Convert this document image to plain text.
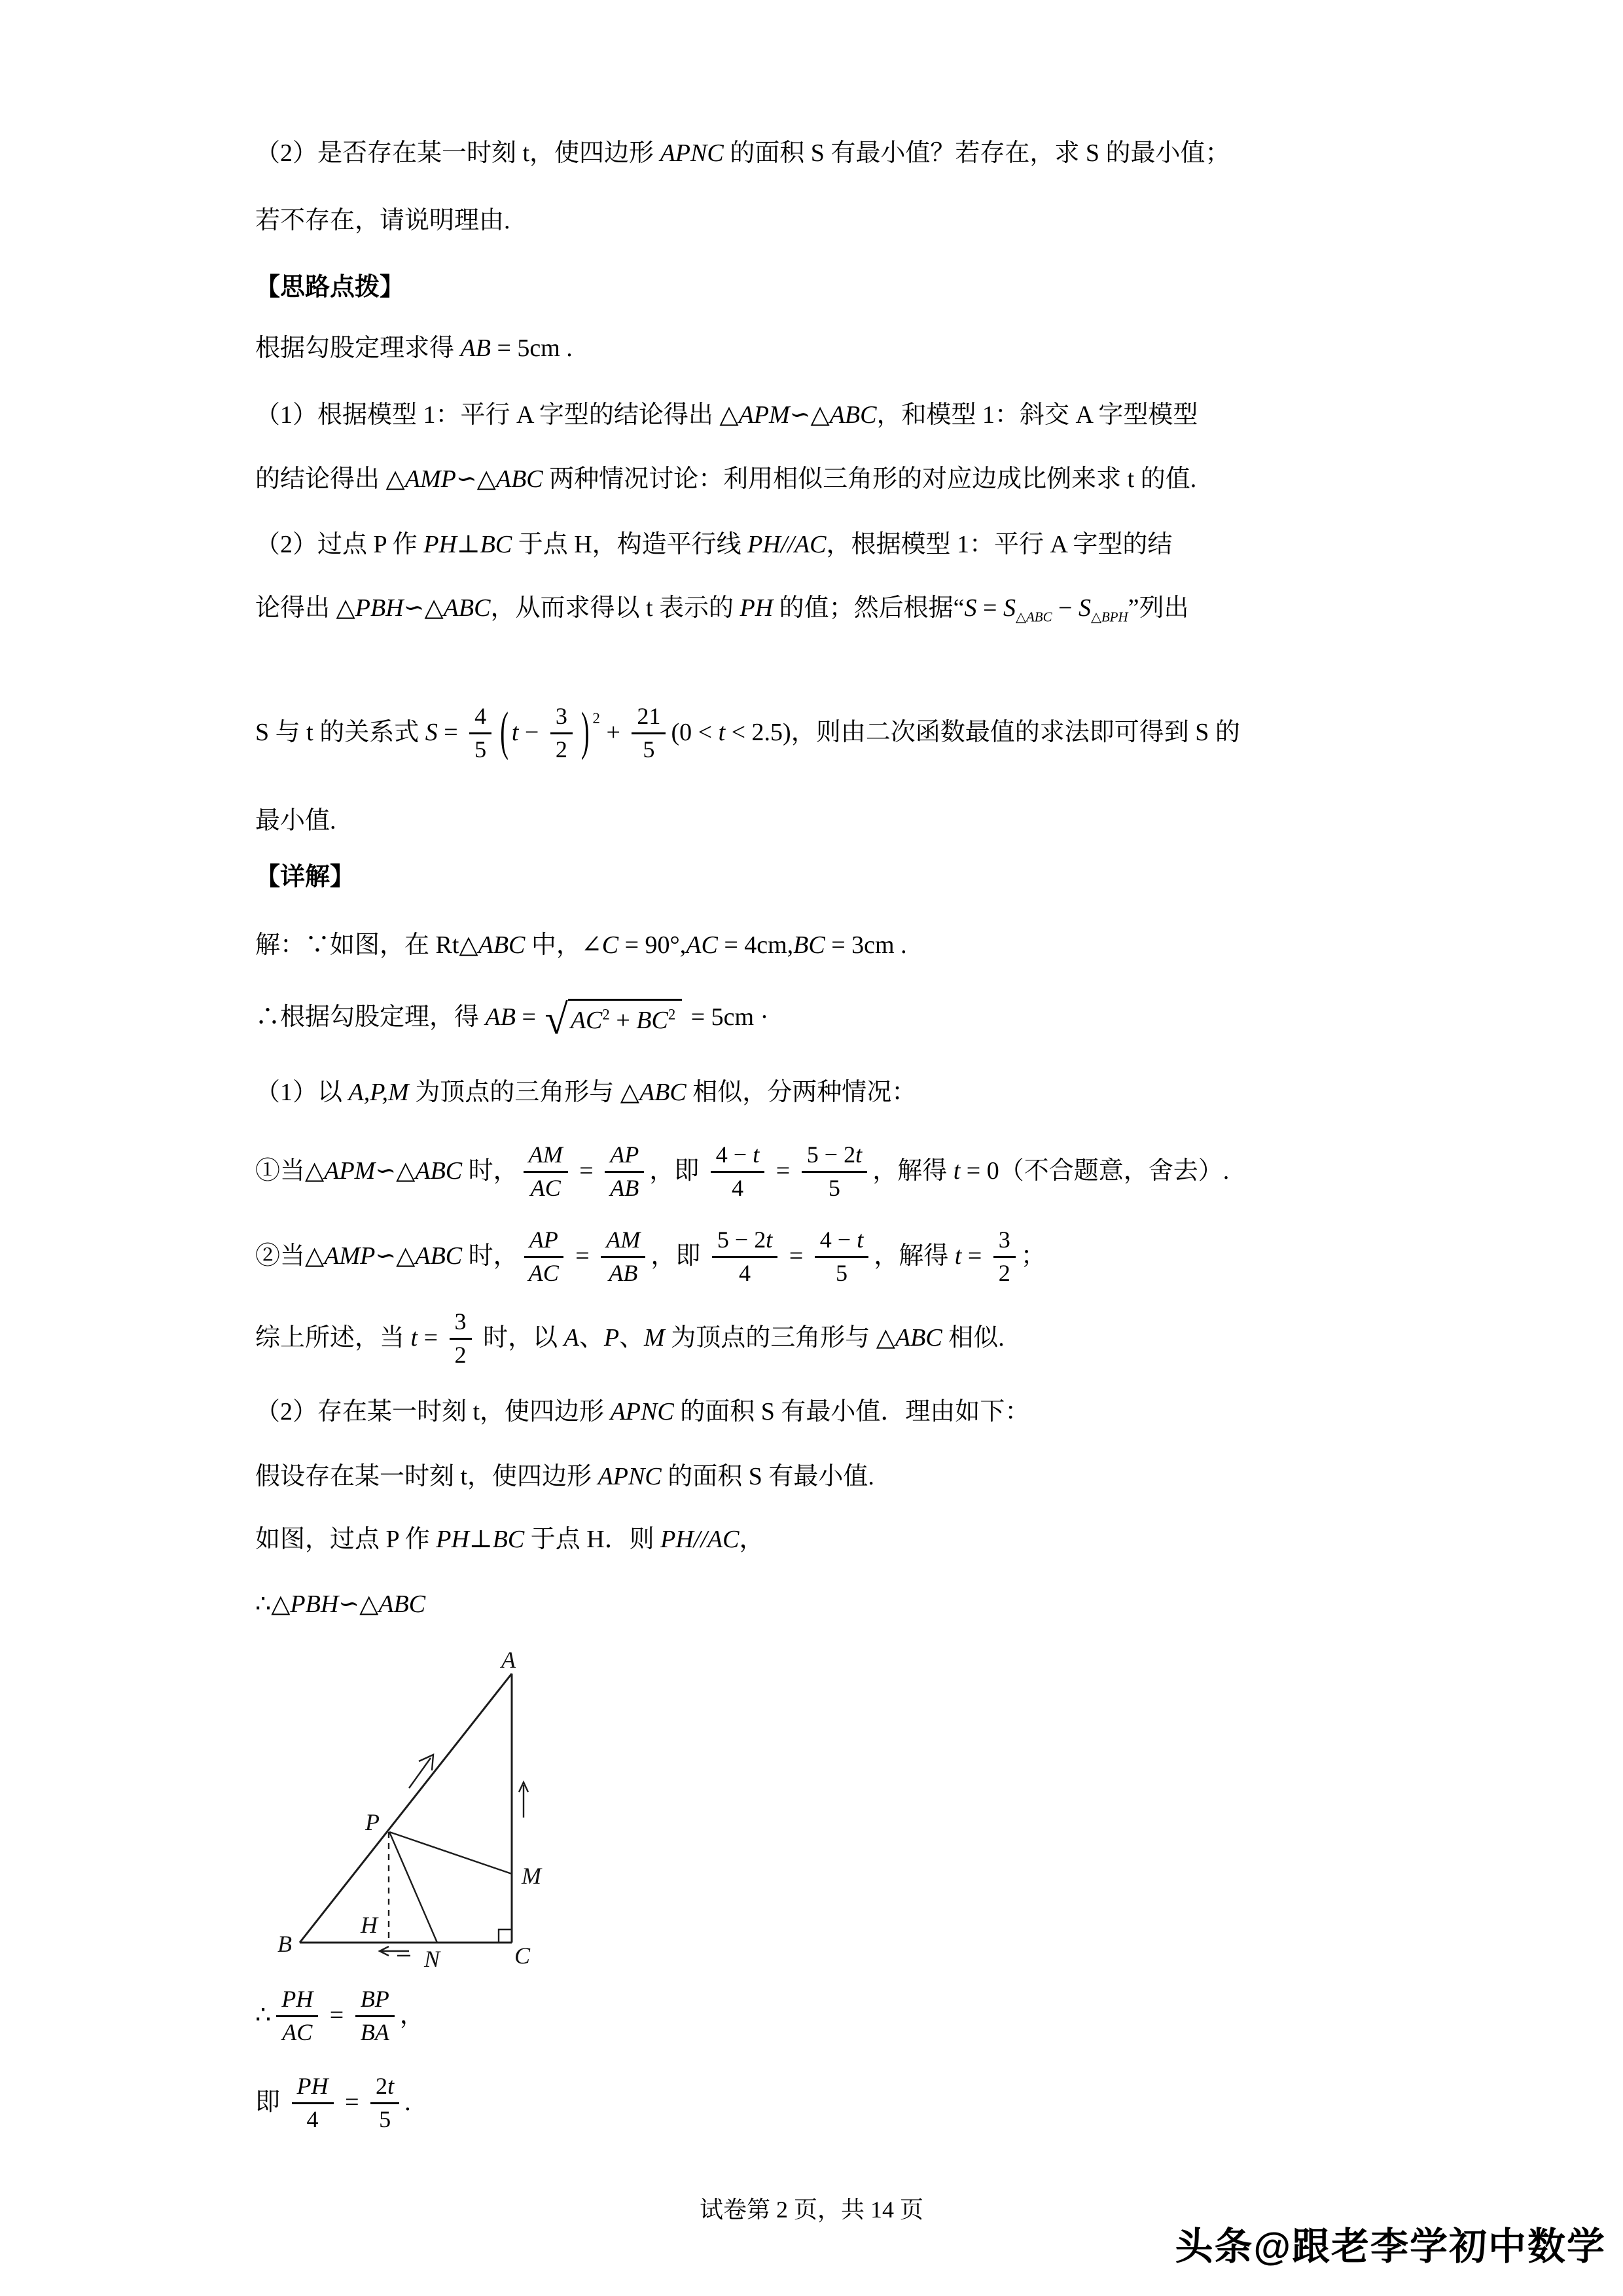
（2）是否存在某一时刻 t，使四边形 APNC 的面积 S 有最小值？若存在，求 S 的最小值；
若不存在，请说明理由.
【思路点拨】
根据勾股定理求得 AB = 5cm .
（1）根据模型 1：平行 A 字型的结论得出 △APM∽△ABC，和模型 1：斜交 A 字型模型
的结论得出 △AMP∽△ABC 两种情况讨论：利用相似三角形的对应边成比例来求 t 的值.
（2）过点 P 作 PH⊥BC 于点 H，构造平行线 PH//AC，根据模型 1：平行 A 字型的结
论得出 △PBH∽△ABC，从而求得以 t 表示的 PH 的值；然后根据“$S = S_{\triangle ABC} - S_{\triangle BPH}$”列出
S 与 t 的关系式 $S = \frac{4}{5}$ ( $t - \frac{3}{2}$ ) $^2$
+ $\frac{21}{5} (0 < t < 2.5)$，则由二次函数最值的求法即可得到 S 的
最小值.
【详解】
解：∵如图，在 Rt△ABC 中，∠C = 90°,AC = 4cm,BC = 3cm .
∴根据勾股定理，得 AB = √ $AC^2 + BC^2 = 5cm$ ·
（1）以 A,P,M 为顶点的三角形与 △ABC 相似，分两种情况：
①当 △APM∽△ABC 时， $\frac{AM}{AC} = \frac{AP}{AB}$ ，即 $\frac{4 - t}{4} = \frac{5 - 2t}{5}$ ，解得 t = 0（不合题意，舍去）.
②当 △AMP∽△ABC 时， $\frac{AP}{AC} = \frac{AM}{AB}$ ，即 $\frac{5 - 2t}{4} = \frac{4 - t}{5}$ ，解得 $t = \frac{3}{2}$ ；
综上所述，当 $t = \frac{3}{2}$ 时，以 A 、 P 、 M 为顶点的三角形与 △ABC 相似.
（2）存在某一时刻 t，使四边形 APNC 的面积 S 有最小值．理由如下：
假设存在某一时刻 t，使四边形 APNC 的面积 S 有最小值.
如图，过点 P 作 PH⊥BC 于点 H．则 PH//AC，
∴△PBH∽△ABC
A
B	C
P
M
H
N
∴ $\frac{PH}{AC} = \frac{BP}{BA}$ ，
即 $\frac{PH}{4} = \frac{2t}{5}$ .
试卷第 2 页，共 14 页
头条@跟老李学初中数学
